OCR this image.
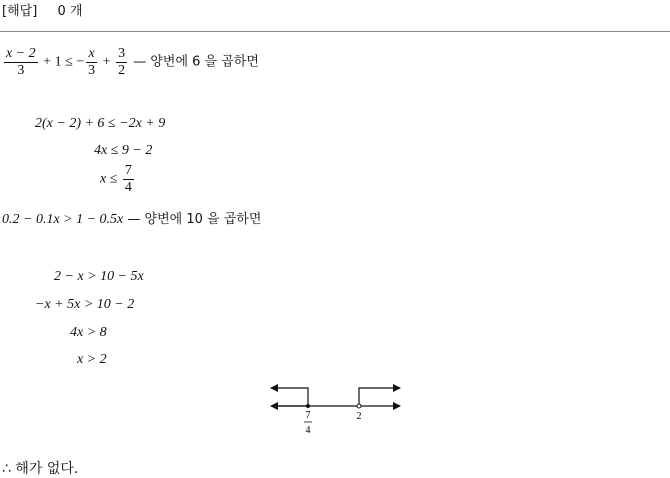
[해답] 0 개
$\frac{x - 2}{3} + 1$ ≤ − $\frac{x}{3} + \frac{3}{2}$ — 양변에 6 을 곱하면
2(x − 2) + 6 ≤ −2x + 9
4x ≤ 9 − 2
$x \le \frac{7}{4}$
0.2 − 0.1x > 1 − 0.5x — 양변에 10 을 곱하면
2 − x > 10 − 5x
−x + 5x > 10 − 2
4x > 8
x > 2
7
4
2
∴ 해가 없다.
